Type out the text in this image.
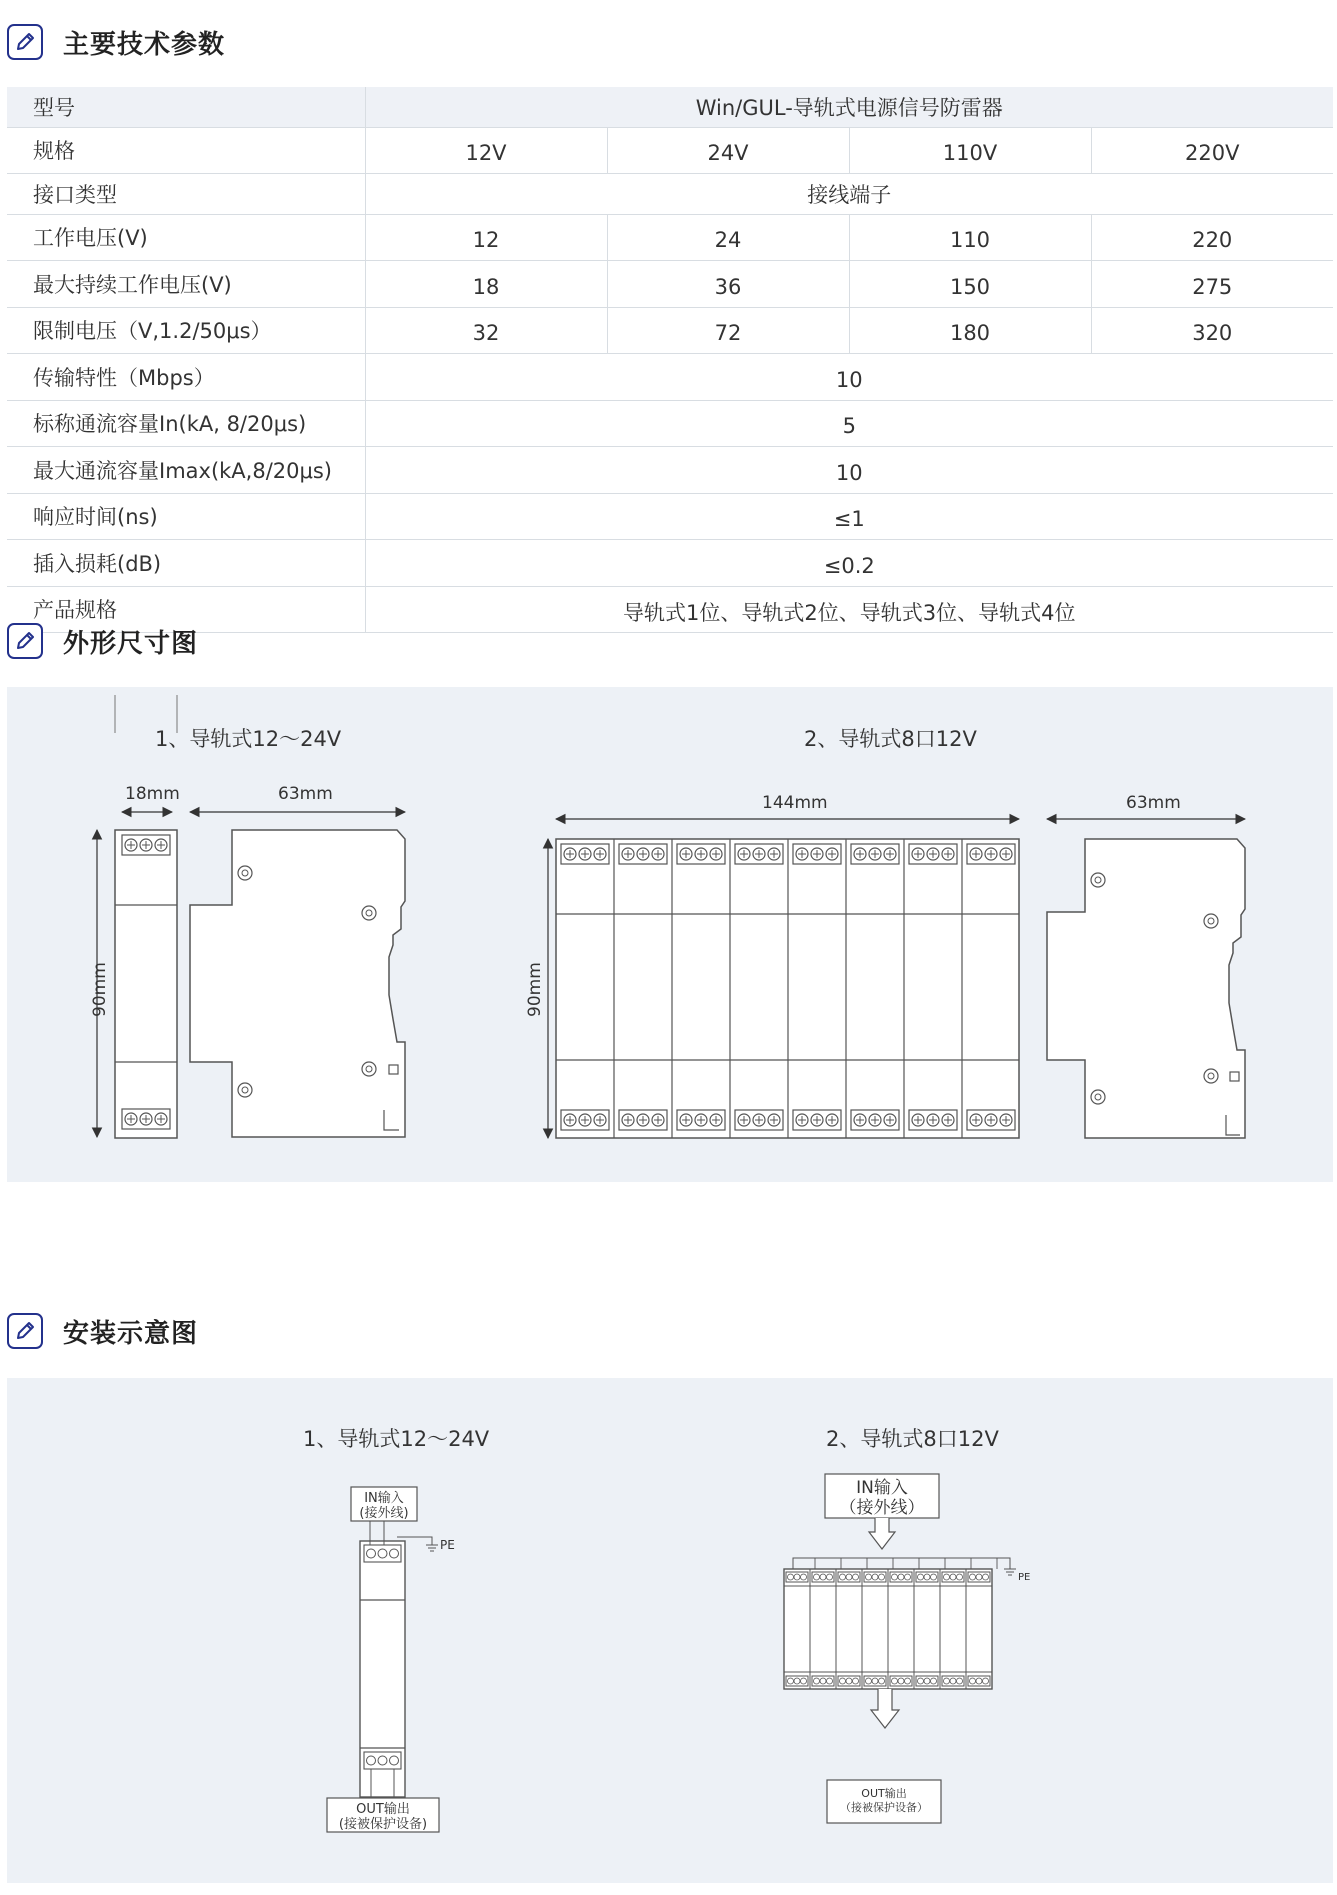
主要技术参数
型号	Win/GUL-导轨式电源信号防雷器			
规格	12V	24V	110V	220V
接口类型	接线端子			
工作电压(V)	12	24	110	220
最大持续工作电压(V)	18	36	150	275
限制电压（V,1.2/50μs）	32	72	180	320
传输特性（Mbps）	10			
标称通流容量In(kA, 8/20μs)	5			
最大通流容量Imax(kA,8/20μs)	10			
响应时间(ns)	≤1			
插入损耗(dB)	≤0.2			
产品规格	导轨式1位、导轨式2位、导轨式3位、导轨式4位			
外形尺寸图
1、导轨式12～24V	2、导轨式8口12V
18mm	63mm	144mm	63mm
90mm	90mm
安装示意图
1、导轨式12～24V	2、导轨式8口12V
IN输入
(接外线)
PE
OUT输出
(接被保护设备)
IN输入
（接外线）
PE
OUT输出
（接被保护设备）
